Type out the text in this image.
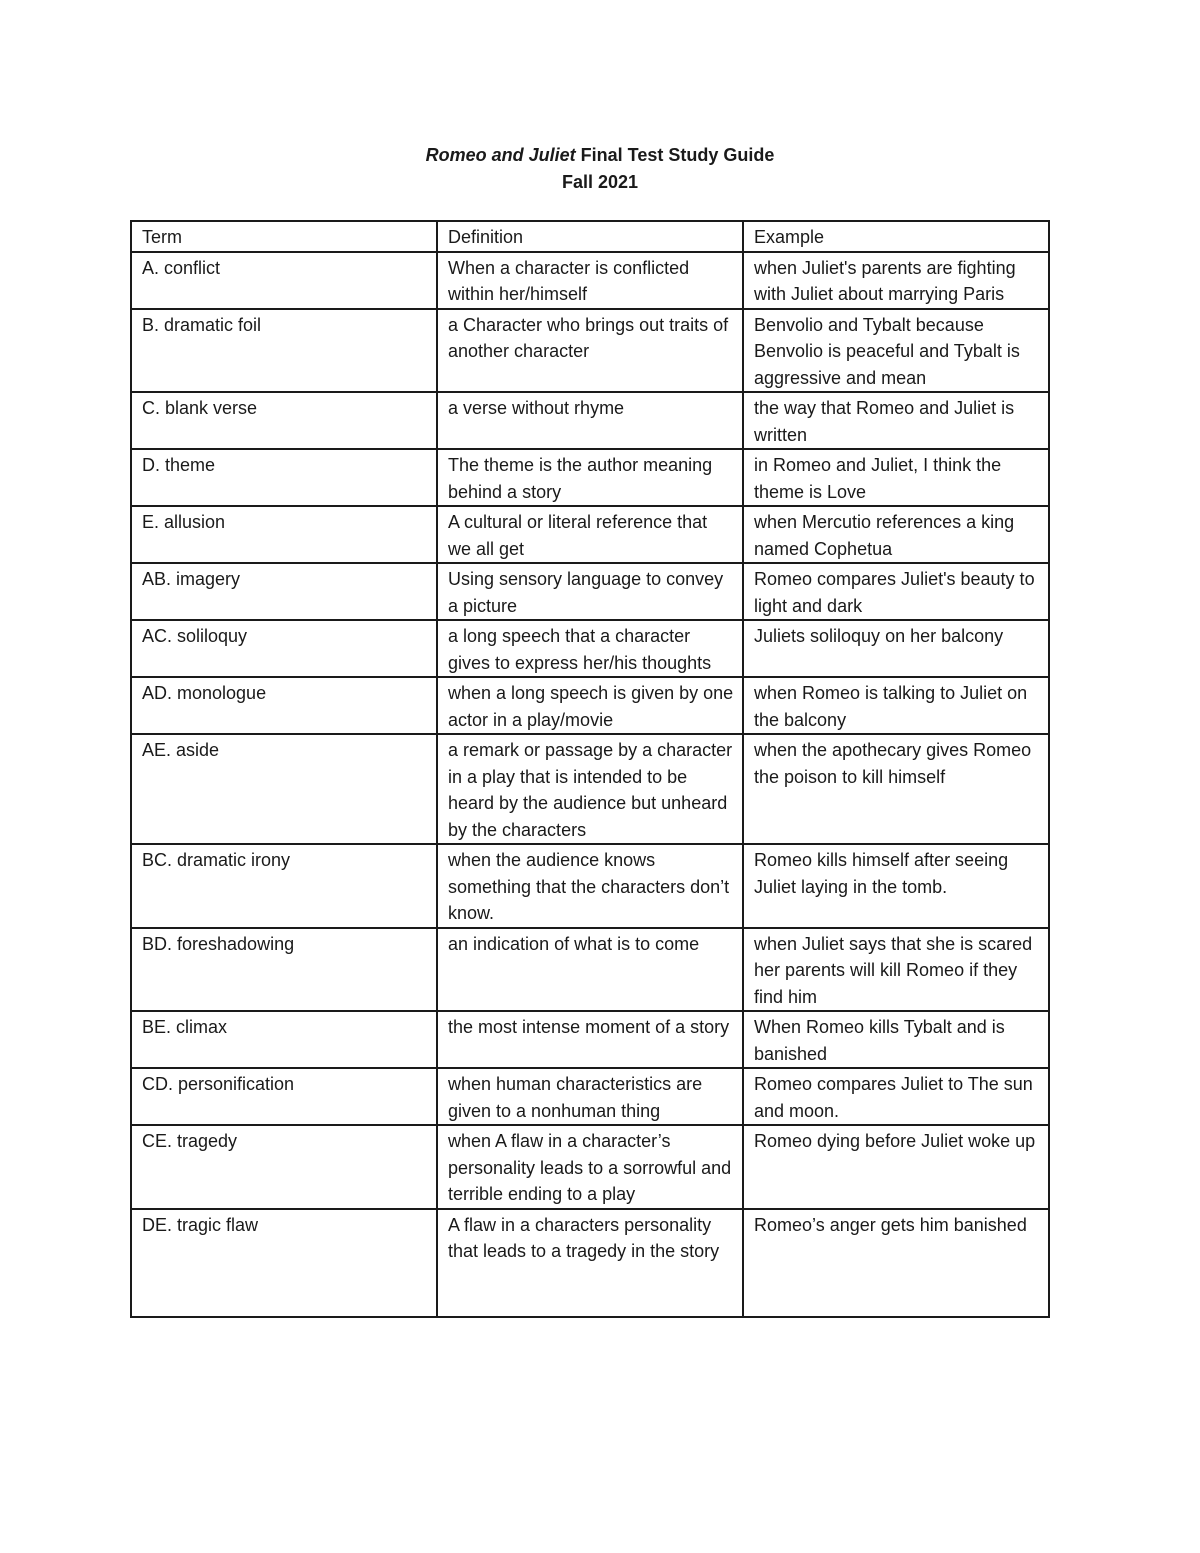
Romeo and Juliet Final Test Study Guide
Fall 2021
Term	Definition	Example
A. conflict	When a character is conflicted within her/himself	when Juliet's parents are fighting with Juliet about marrying Paris
B. dramatic foil	a Character who brings out traits of another character	Benvolio and Tybalt because Benvolio is peaceful and Tybalt is aggressive and mean
C. blank verse	a verse without rhyme	the way that Romeo and Juliet is written
D. theme	The theme is the author meaning behind a story	in Romeo and Juliet, I think the theme is Love
E. allusion	A cultural or literal reference that we all get	when Mercutio references a king named Cophetua
AB. imagery	Using sensory language to convey a picture	Romeo compares Juliet's beauty to light and dark
AC. soliloquy	a long speech that a character gives to express her/his thoughts	Juliets soliloquy on her balcony
AD. monologue	when a long speech is given by one actor in a play/movie	when Romeo is talking to Juliet on the balcony
AE. aside	a remark or passage by a character in a play that is intended to be heard by the audience but unheard by the characters	when the apothecary gives Romeo the poison to kill himself
BC. dramatic irony	when the audience knows something that the characters don’t know.	Romeo kills himself after seeing Juliet laying in the tomb.
BD. foreshadowing	an indication of what is to come	when Juliet says that she is scared her parents will kill Romeo if they find him
BE. climax	the most intense moment of a story	When Romeo kills Tybalt and is banished
CD. personification	when human characteristics are given to a nonhuman thing	Romeo compares Juliet to The sun and moon.
CE. tragedy	when A flaw in a character’s personality leads to a sorrowful and terrible ending to a play	Romeo dying before Juliet woke up
DE. tragic flaw	A flaw in a characters personality that leads to a tragedy in the story	Romeo’s anger gets him banished
